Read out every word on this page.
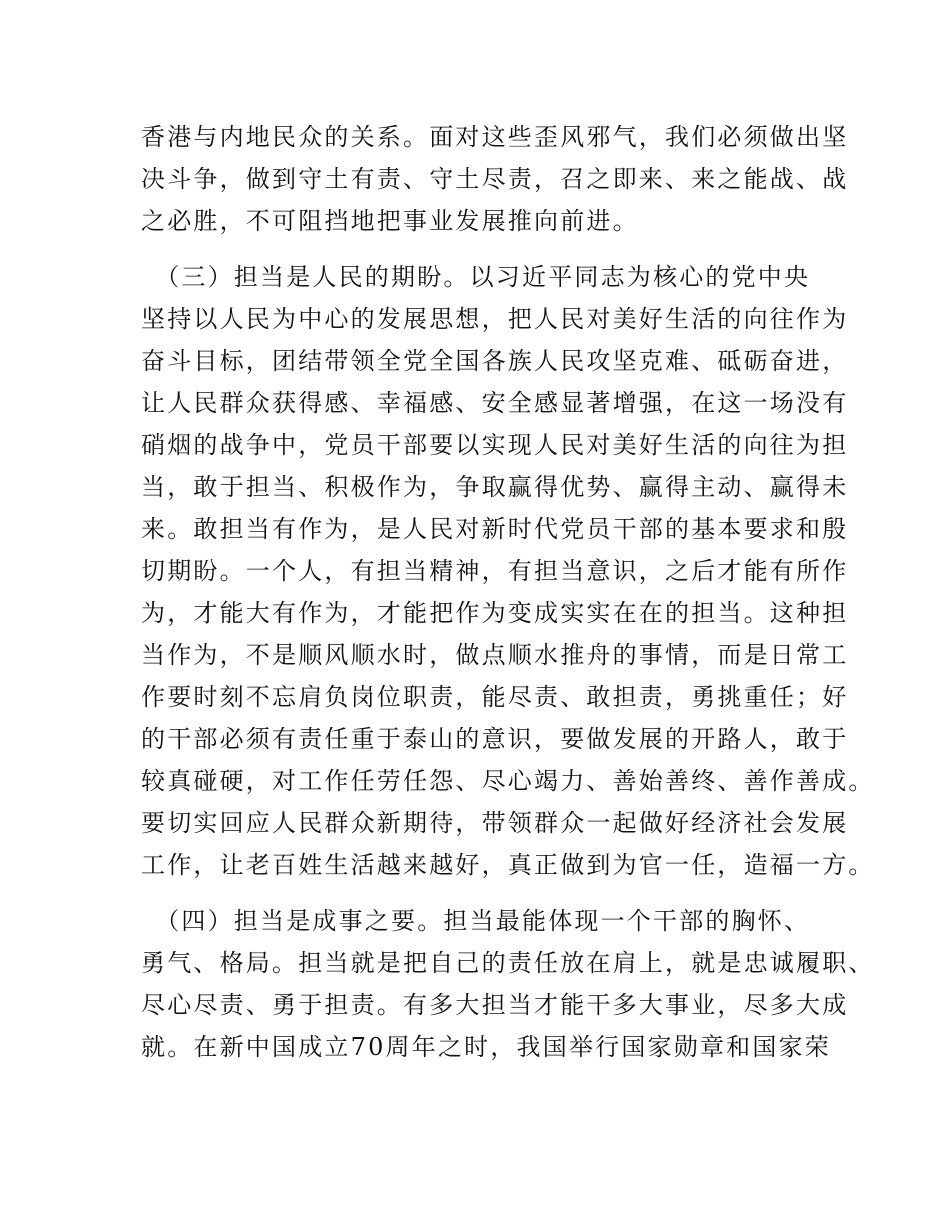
香港与内地民众的关系。面对这些歪风邪气，我们必须做出坚
决斗争，做到守土有责、守土尽责，召之即来、来之能战、战
之必胜，不可阻挡地把事业发展推向前进。
　（三）担当是人民的期盼。以习近平同志为核心的党中央
坚持以人民为中心的发展思想，把人民对美好生活的向往作为
奋斗目标，团结带领全党全国各族人民攻坚克难、砥砺奋进，
让人民群众获得感、幸福感、安全感显著增强，在这一场没有
硝烟的战争中，党员干部要以实现人民对美好生活的向往为担
当，敢于担当、积极作为，争取赢得优势、赢得主动、赢得未
来。敢担当有作为，是人民对新时代党员干部的基本要求和殷
切期盼。一个人，有担当精神，有担当意识，之后才能有所作
为，才能大有作为，才能把作为变成实实在在的担当。这种担
当作为，不是顺风顺水时，做点顺水推舟的事情，而是日常工
作要时刻不忘肩负岗位职责，能尽责、敢担责，勇挑重任；好
的干部必须有责任重于泰山的意识，要做发展的开路人，敢于
较真碰硬，对工作任劳任怨、尽心竭力、善始善终、善作善成。
要切实回应人民群众新期待，带领群众一起做好经济社会发展
工作，让老百姓生活越来越好，真正做到为官一任，造福一方。
　（四）担当是成事之要。担当最能体现一个干部的胸怀、
勇气、格局。担当就是把自己的责任放在肩上，就是忠诚履职、
尽心尽责、勇于担责。有多大担当才能干多大事业，尽多大成
就。在新中国成立70周年之时，我国举行国家勋章和国家荣
